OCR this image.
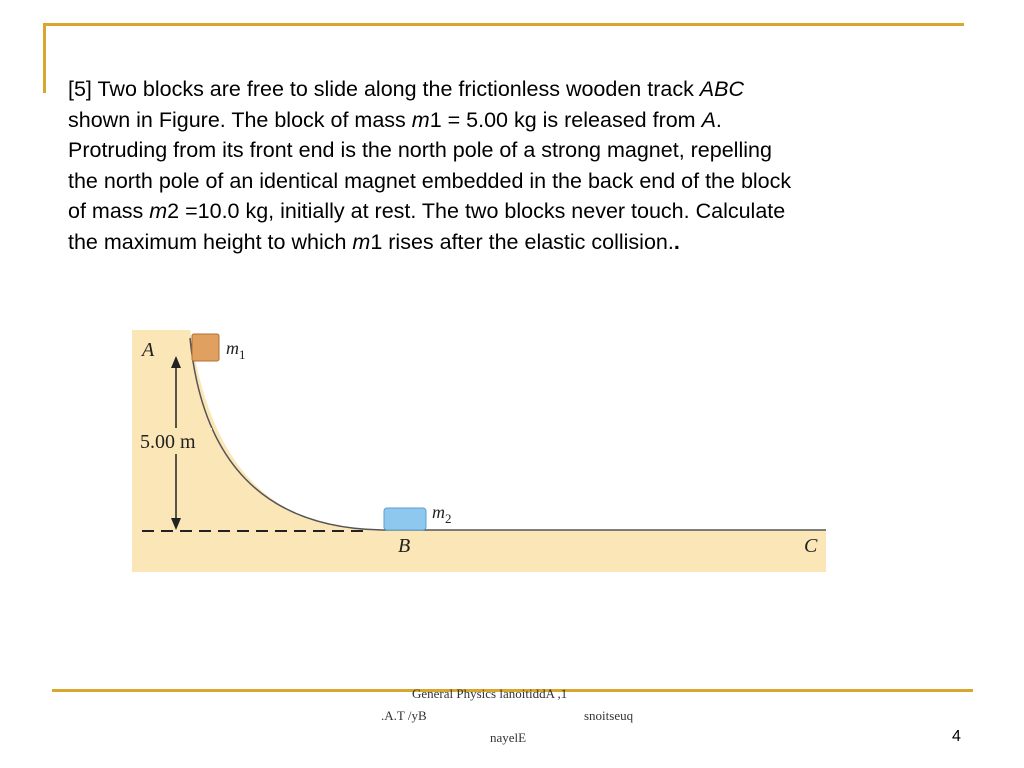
[5] Two blocks are free to slide along the frictionless wooden track ABC
shown in Figure. The block of mass m1 = 5.00 kg is released from A.
Protruding from its front end is the north pole of a strong magnet, repelling
the north pole of an identical magnet embedded in the back end of the block
of mass m2 =10.0 kg, initially at rest. The two blocks never touch. Calculate
the maximum height to which m1 rises after the elastic collision..
5.00 m
$m_1$
$m_2$
A
B	C
General Physics lanoitiddA ,1
.A.T /yB	snoitseuq
nayelE	4
